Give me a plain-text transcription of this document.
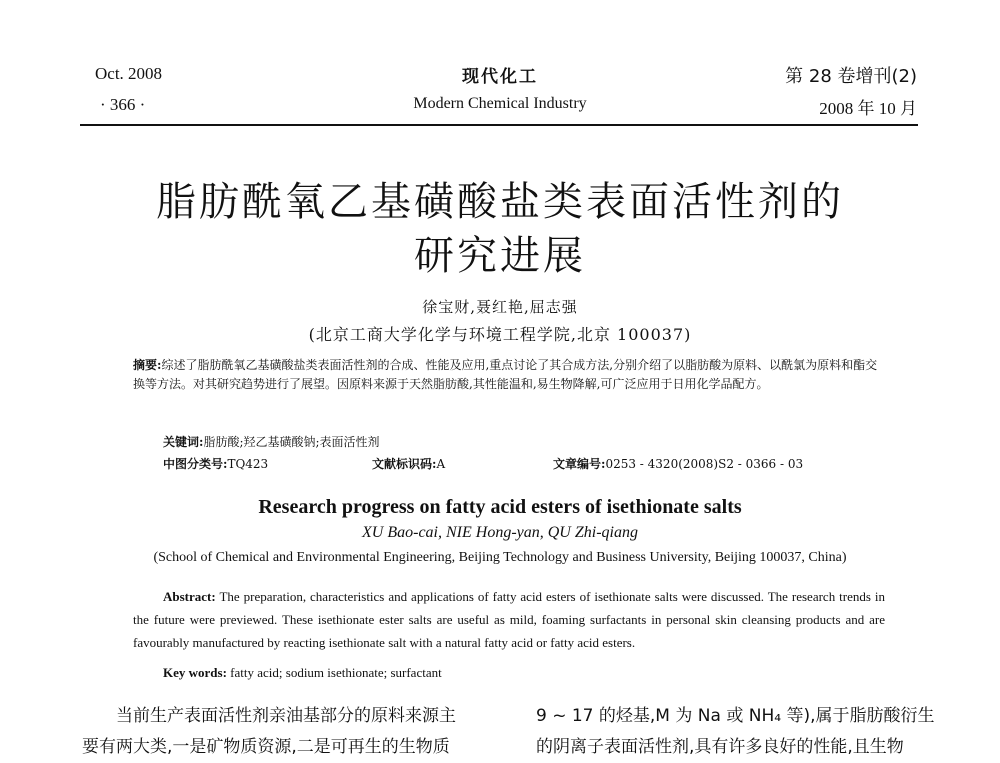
Oct. 2008
· 366 ·
现代化工
Modern Chemical Industry
第 28 卷增刊(2)
2008 年 10 月
脂肪酰氧乙基磺酸盐类表面活性剂的
研究进展
徐宝财,聂红艳,屈志强
(北京工商大学化学与环境工程学院,北京 100037)
摘要:综述了脂肪酰氧乙基磺酸盐类表面活性剂的合成、性能及应用,重点讨论了其合成方法,分别介绍了以脂肪酸为原料、以酰氯为原料和酯交换等方法。对其研究趋势进行了展望。因原料来源于天然脂肪酸,其性能温和,易生物降解,可广泛应用于日用化学品配方。
关键词:脂肪酸;羟乙基磺酸钠;表面活性剂
中图分类号:TQ423	文献标识码:A	文章编号:0253 - 4320(2008)S2 - 0366 - 03
Research progress on fatty acid esters of isethionate salts
XU Bao-cai, NIE Hong-yan, QU Zhi-qiang
(School of Chemical and Environmental Engineering, Beijing Technology and Business University, Beijing 100037, China)
Abstract: The preparation, characteristics and applications of fatty acid esters of isethionate salts were discussed. The research trends in the future were previewed. These isethionate ester salts are useful as mild, foaming surfactants in personal skin cleansing products and are favourably manufactured by reacting isethionate salt with a natural fatty acid or fatty acid esters.
Key words: fatty acid; sodium isethionate; surfactant
当前生产表面活性剂亲油基部分的原料来源主
要有两大类,一是矿物质资源,二是可再生的生物质
9 ~ 17 的烃基,M 为 Na 或 NH₄ 等),属于脂肪酸衍生
的阴离子表面活性剂,具有许多良好的性能,且生物
